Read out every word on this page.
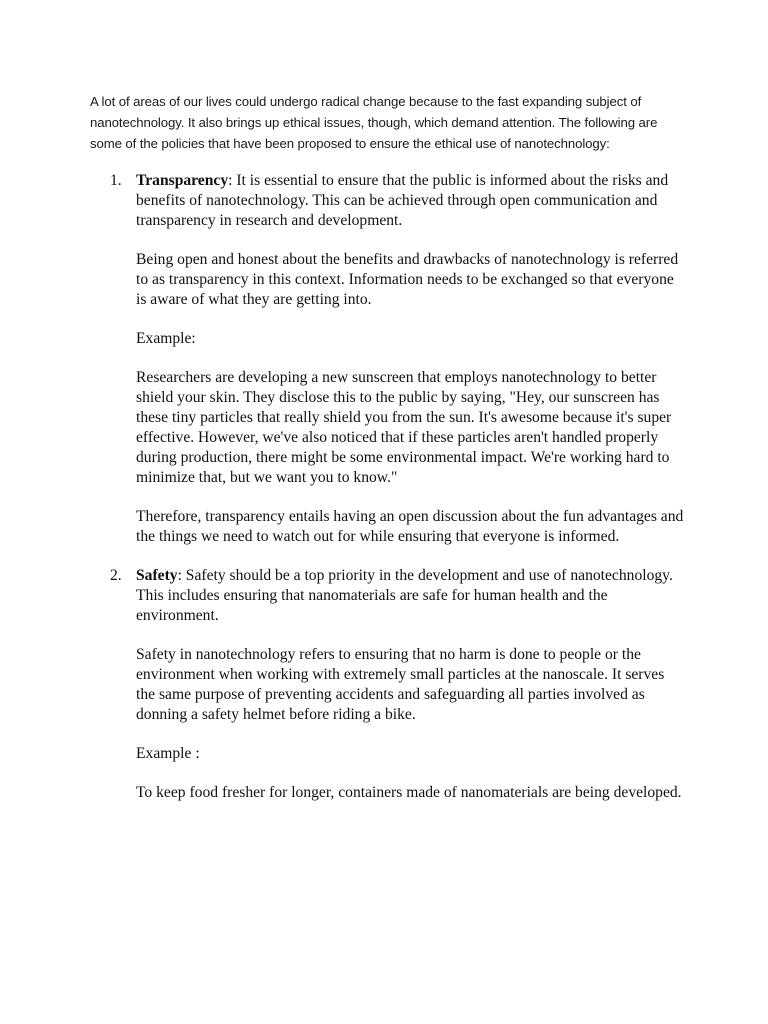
A lot of areas of our lives could undergo radical change because to the fast expanding subject of nanotechnology. It also brings up ethical issues, though, which demand attention. The following are some of the policies that have been proposed to ensure the ethical use of nanotechnology:

1. Transparency: It is essential to ensure that the public is informed about the risks and benefits of nanotechnology. This can be achieved through open communication and transparency in research and development.

Being open and honest about the benefits and drawbacks of nanotechnology is referred to as transparency in this context. Information needs to be exchanged so that everyone is aware of what they are getting into.

Example:

Researchers are developing a new sunscreen that employs nanotechnology to better shield your skin. They disclose this to the public by saying, "Hey, our sunscreen has these tiny particles that really shield you from the sun. It's awesome because it's super effective. However, we've also noticed that if these particles aren't handled properly during production, there might be some environmental impact. We're working hard to minimize that, but we want you to know."

Therefore, transparency entails having an open discussion about the fun advantages and the things we need to watch out for while ensuring that everyone is informed.

2. Safety: Safety should be a top priority in the development and use of nanotechnology. This includes ensuring that nanomaterials are safe for human health and the environment.

Safety in nanotechnology refers to ensuring that no harm is done to people or the environment when working with extremely small particles at the nanoscale. It serves the same purpose of preventing accidents and safeguarding all parties involved as donning a safety helmet before riding a bike.

Example :

To keep food fresher for longer, containers made of nanomaterials are being developed.
